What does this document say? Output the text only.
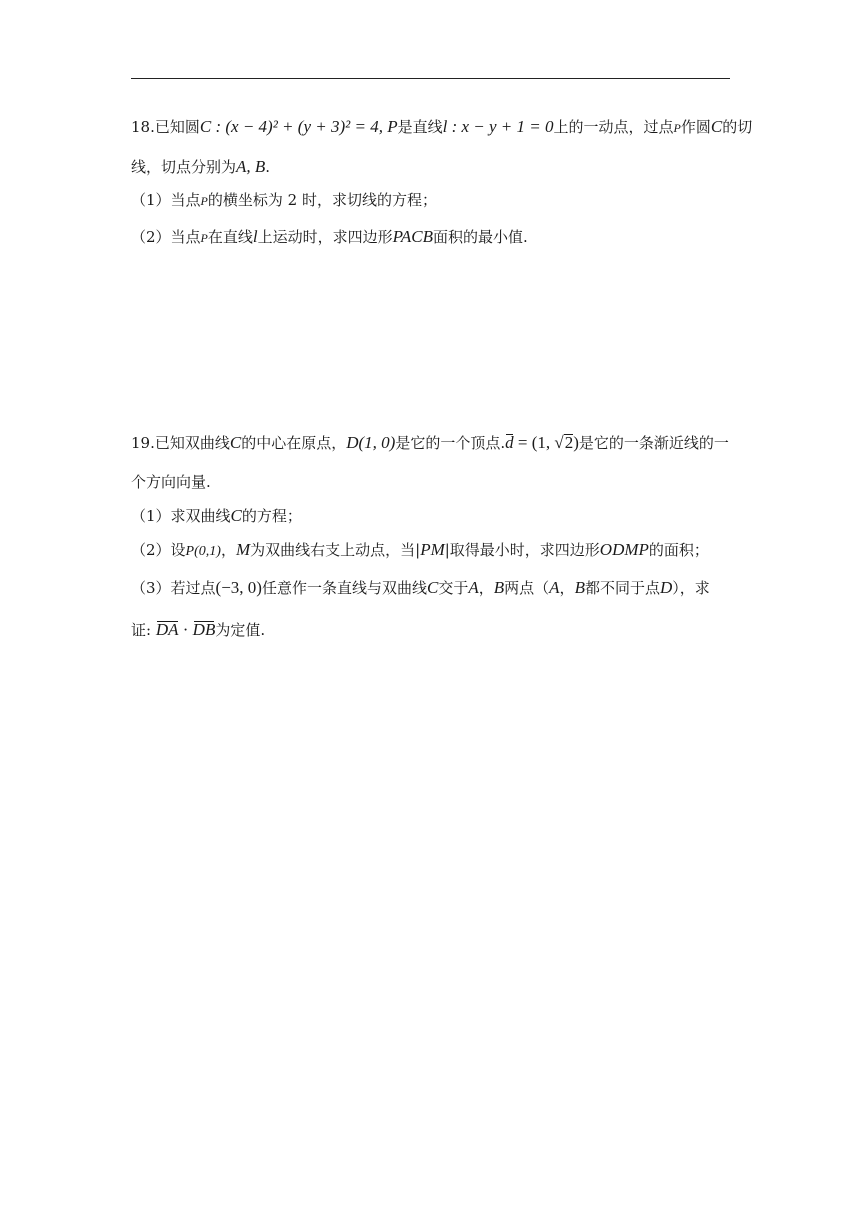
18.已知圆C : (x − 4)² + (y + 3)² = 4, P是直线l : x − y + 1 = 0上的一动点，过点P作圆C的切
线，切点分别为A, B.
（1）当点P的横坐标为 2 时，求切线的方程；
（2）当点P在直线l上运动时，求四边形PACB面积的最小值.
19.已知双曲线C的中心在原点，D(1, 0)是它的一个顶点.d = (1, √2)是它的一条渐近线的一
个方向向量.
（1）求双曲线C的方程；
（2）设P(0,1)，M为双曲线右支上动点，当|PM|取得最小时，求四边形ODMP的面积；
（3）若过点(−3, 0)任意作一条直线与双曲线C交于A，B两点（A，B都不同于点D），求
证: DA · DB为定值.
